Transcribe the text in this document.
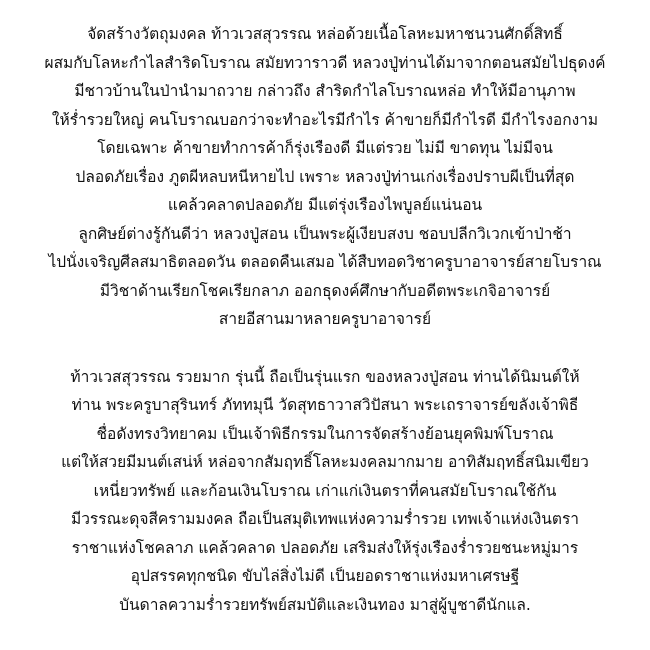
จัดสร้างวัตถุมงคล ท้าวเวสสุวรรณ หล่อด้วยเนื้อโลหะมหาชนวนศักดิ์สิทธิ์
ผสมกับโลหะกำไลสำริดโบราณ สมัยทวาราวดี หลวงปู่ท่านได้มาจากตอนสมัยไปธุดงค์
มีชาวบ้านในป่านำมาถวาย กล่าวถึง สำริดกำไลโบราณหล่อ ทำให้มีอานุภาพ
ให้ร่ำรวยใหญ่ คนโบราณบอกว่าจะทำอะไรมีกำไร ค้าขายก็มีกำไรดี มีกำไรงอกงาม
โดยเฉพาะ ค้าขายทำการค้าก็รุ่งเรืองดี มีแต่รวย ไม่มี ขาดทุน ไม่มีจน
ปลอดภัยเรื่อง ภูตผีหลบหนีหายไป เพราะ หลวงปู่ท่านเก่งเรื่องปราบผีเป็นที่สุด
แคล้วคลาดปลอดภัย มีแต่รุ่งเรืองไพบูลย์แน่นอน
ลูกศิษย์ต่างรู้กันดีว่า หลวงปู่สอน เป็นพระผู้เงียบสงบ ชอบปลีกวิเวกเข้าป่าช้า
ไปนั่งเจริญศีลสมาธิตลอดวัน ตลอดคืนเสมอ ได้สืบทอดวิชาครูบาอาจารย์สายโบราณ
มีวิชาด้านเรียกโชคเรียกลาภ ออกธุดงค์ศึกษากับอดีตพระเกจิอาจารย์
สายอีสานมาหลายครูบาอาจารย์

ท้าวเวสสุวรรณ รวยมาก รุ่นนี้ ถือเป็นรุ่นแรก ของหลวงปู่สอน ท่านได้นิมนต์ให้
ท่าน พระครูบาสุรินทร์ ภัททมุนี วัดสุทธาวาสวิปัสนา พระเถราจารย์ขลังเจ้าพิธี
ชื่อดังทรงวิทยาคม เป็นเจ้าพิธีกรรมในการจัดสร้างย้อนยุคพิมพ์โบราณ
แต่ให้สวยมีมนต์เสน่ห์ หล่อจากสัมฤทธิ์โลหะมงคลมากมาย อาทิสัมฤทธิ์สนิมเขียว
เหนี่ยวทรัพย์ และก้อนเงินโบราณ เก่าแก่เงินตราที่คนสมัยโบราณใช้กัน
มีวรรณะดุจสีครามมงคล ถือเป็นสมุติเทพแห่งความร่ำรวย เทพเจ้าแห่งเงินตรา
ราชาแห่งโชคลาภ แคล้วคลาด ปลอดภัย เสริมส่งให้รุ่งเรืองร่ำรวยชนะหมู่มาร
อุปสรรคทุกชนิด ขับไล่สิ่งไม่ดี เป็นยอดราชาแห่งมหาเศรษฐี
บันดาลความร่ำรวยทรัพย์สมบัติและเงินทอง มาสู่ผู้บูชาดีนักแล.
